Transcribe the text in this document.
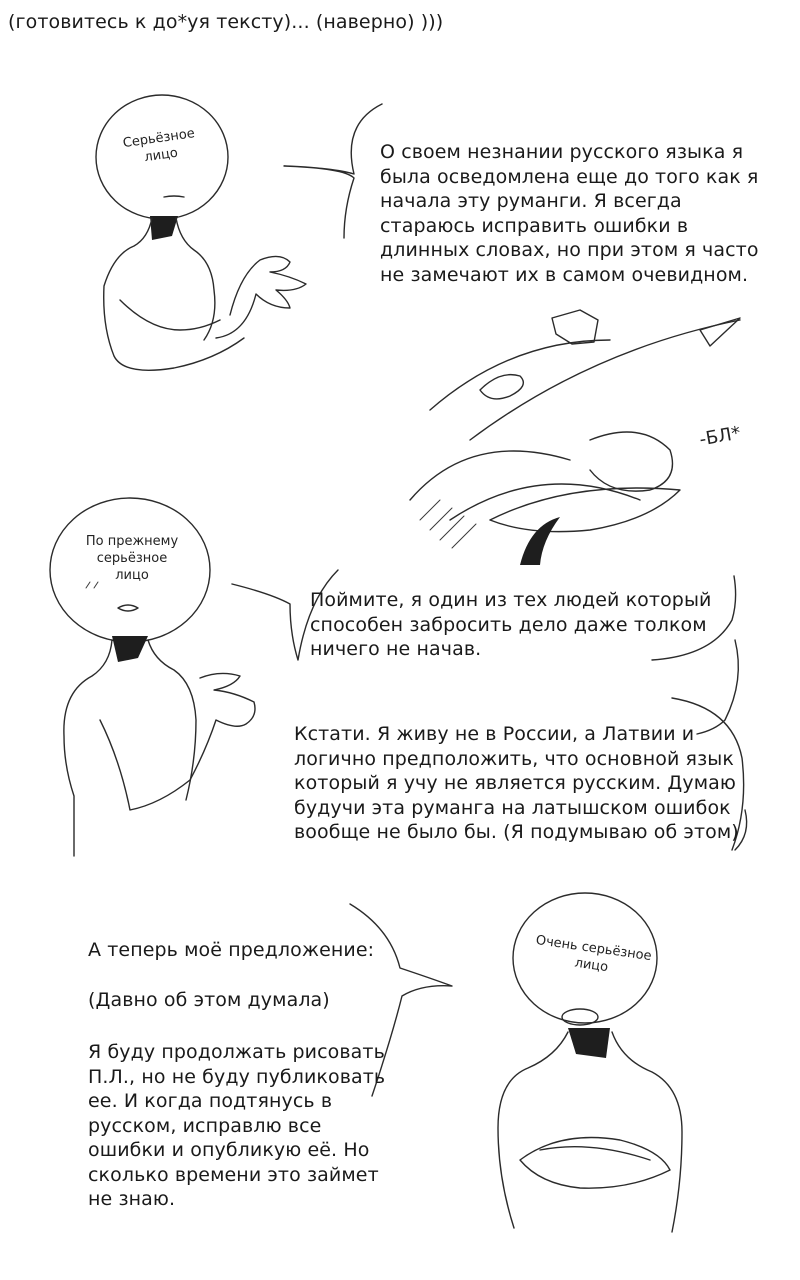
(готовитесь к до*уя тексту)... (наверно) )))
Серьёзное
лицо	О своем незнании русского языка я
была осведомлена еще до того как я
начала эту руманги. Я всегда
стараюсь исправить ошибки в
длинных словах, но при этом я часто
не замечают их в самом очевидном.
-БЛ*
По прежнему
серьёзное
лицо
Поймите, я один из тех людей который
способен забросить дело даже толком
ничего не начав.
Кстати. Я живу не в России, а Латвии и
логично предположить, что основной язык
который я учу не является русским. Думаю
будучи эта руманга на латышском ошибок
вообще не было бы. (Я подумываю об этом)
Очень серьёзное
лицо
А теперь моё предложение:
(Давно об этом думала)
Я буду продолжать рисовать
П.Л., но не буду публиковать
ее. И когда подтянусь в
русском, исправлю все
ошибки и опубликую её. Но
сколько времени это займет
не знаю.
